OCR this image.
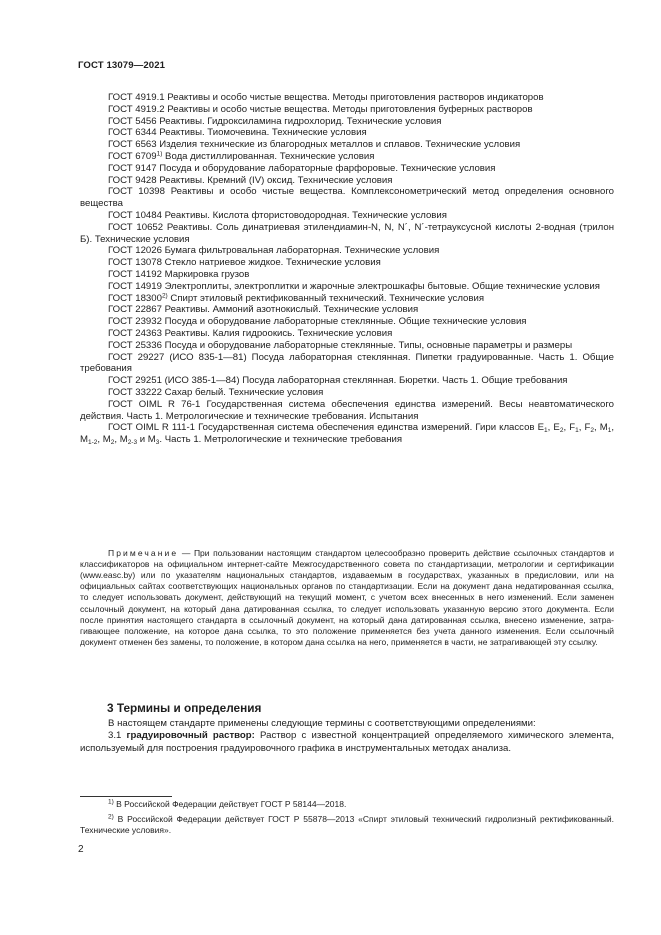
ГОСТ 13079—2021

ГОСТ 4919.1 Реактивы и особо чистые вещества. Методы приготовления растворов индикаторов

ГОСТ 4919.2 Реактивы и особо чистые вещества. Методы приготовления буферных растворов

ГОСТ 5456 Реактивы. Гидроксиламина гидрохлорид. Технические условия

ГОСТ 6344 Реактивы. Тиомочевина. Технические условия

ГОСТ 6563 Изделия технические из благородных металлов и сплавов. Технические условия

ГОСТ 6709$^{1)}$ Вода дистиллированная. Технические условия

ГОСТ 9147 Посуда и оборудование лабораторные фарфоровые. Технические условия

ГОСТ 9428 Реактивы. Кремний (IV) оксид. Технические условия

ГОСТ 10398 Реактивы и особо чистые вещества. Комплексонометрический метод определения основного вещества

ГОСТ 10484 Реактивы. Кислота фтористоводородная. Технические условия

ГОСТ 10652 Реактивы. Соль динатриевая этилендиамин-N, N, N´, N´-тетрауксусной кислоты 2-водная (трилон Б). Технические условия

ГОСТ 12026 Бумага фильтровальная лабораторная. Технические условия

ГОСТ 13078 Стекло натриевое жидкое. Технические условия

ГОСТ 14192 Маркировка грузов

ГОСТ 14919 Электроплиты, электроплитки и жарочные электрошкафы бытовые. Общие технические условия

ГОСТ 18300$^{2)}$ Спирт этиловый ректификованный технический. Технические условия

ГОСТ 22867 Реактивы. Аммоний азотнокислый. Технические условия

ГОСТ 23932 Посуда и оборудование лабораторные стеклянные. Общие технические условия

ГОСТ 24363 Реактивы. Калия гидроокись. Технические условия

ГОСТ 25336 Посуда и оборудование лабораторные стеклянные. Типы, основные параметры и размеры

ГОСТ 29227 (ИСО 835-1—81) Посуда лабораторная стеклянная. Пипетки градуированные. Часть 1. Общие требования

ГОСТ 29251 (ИСО 385-1—84) Посуда лабораторная стеклянная. Бюретки. Часть 1. Общие требования

ГОСТ 33222 Сахар белый. Технические условия

ГОСТ OIML R 76-1 Государственная система обеспечения единства измерений. Весы неавтоматического действия. Часть 1. Метрологические и технические требования. Испытания

ГОСТ OIML R 111-1 Государственная система обеспечения единства измерений. Гири классов $E_1$, $E_2$, $F_1$, $F_2$, $M_1$, $M_{1-2}$, $M_2$, $M_{2-3}$ и $M_3$. Часть 1. Метрологические и технические требования

Примечание — При пользовании настоящим стандартом целесообразно проверить действие ссылочных стандартов и классификаторов на официальном интернет-сайте Межгосударственного совета по стандартизации, метрологии и сертификации (www.easc.by) или по указателям национальных стандартов, издаваемым в государствах, указанных в предисловии, или на официальных сайтах соответствующих национальных органов по стандартизации. Если на документ дана недатированная ссылка, то следует использовать документ, действующий на текущий момент, с учетом всех внесенных в него изменений. Если заменен ссылочный документ, на который дана датированная ссылка, то следует использовать указанную версию этого документа. Если после принятия настоящего стандарта в ссылочный документ, на который дана датированная ссылка, внесено изменение, затрагивающее положение, на которое дана ссылка, то это положение применяется без учета данного изменения. Если ссылочный документ отменен без замены, то положение, в котором дана ссылка на него, применяется в части, не затрагивающей эту ссылку.

3 Термины и определения

В настоящем стандарте применены следующие термины с соответствующими определениями:

3.1 градуировочный раствор: Раствор с известной концентрацией определяемого химического элемента, используемый для построения градуировочного графика в инструментальных методах анализа.

$^{1)}$ В Российской Федерации действует ГОСТ Р 58144—2018.

$^{2)}$ В Российской Федерации действует ГОСТ Р 55878—2013 «Спирт этиловый технический гидролизный ректификованный. Технические условия».

2
